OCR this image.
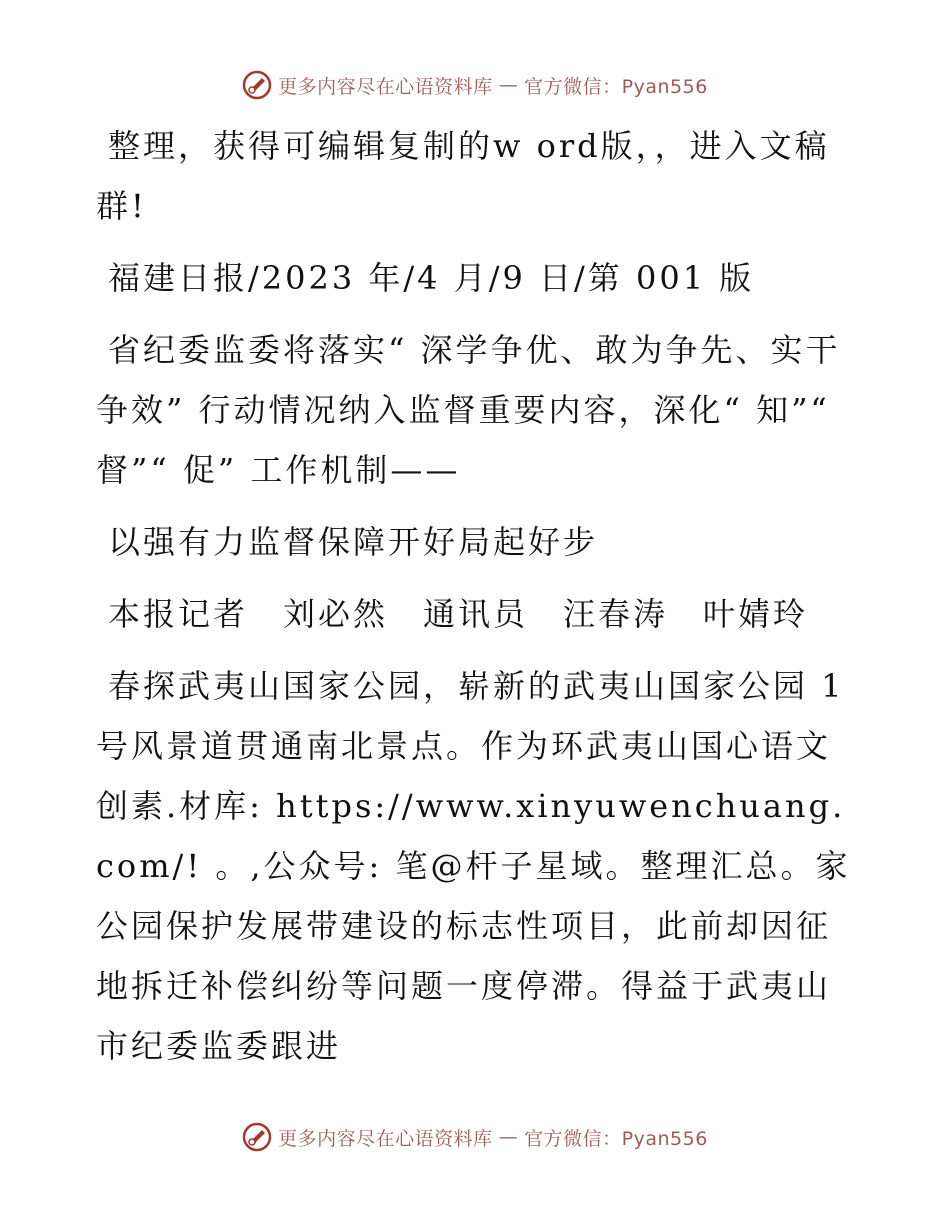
更多内容尽在心语资料库 — 官方微信：Pyan556

整理，获得可编辑复制的w ord版，，进入文稿群!

福建日报/2023 年/4 月/9 日/第 001 版

省纪委监委将落实“ 深学争优、敢为争先、实干争效” 行动情况纳入监督重要内容，深化“ 知”“ 督”“ 促” 工作机制——

以强有力监督保障开好局起好步

本报记者　刘必然　通讯员　汪春涛　叶婧玲

春探武夷山国家公园，崭新的武夷山国家公园 1号风景道贯通南北景点。作为环武夷山国心语文创素.材库: https://www.xinyuwenchuang.com/! 。,公众号: 笔@杆子星域。整理汇总。家公园保护发展带建设的标志性项目，此前却因征地拆迁补偿纠纷等问题一度停滞。得益于武夷山市纪委监委跟进

更多内容尽在心语资料库 — 官方微信：Pyan556
